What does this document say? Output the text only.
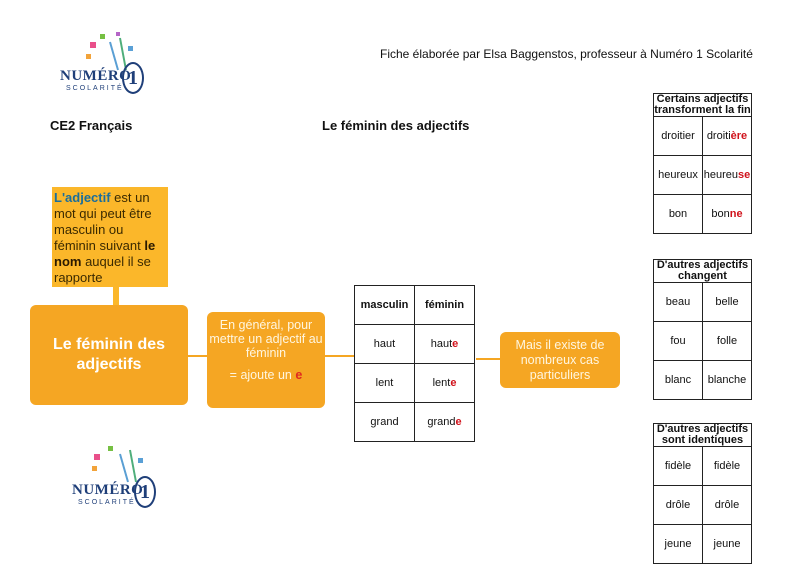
NUMÉRO
1
SCOLARITÉ
NUMÉRO
1
SCOLARITÉ
Fiche élaborée par Elsa Baggenstos, professeur à Numéro 1 Scolarité
CE2 Français	Le féminin des adjectifs
L'adjectif est un mot qui peut être masculin ou féminin suivant le nom auquel il se rapporte
Le féminin des adjectifs
En général, pour mettre un adjectif au féminin
= ajoute un e
masculin	féminin
haut	haute
lent	lente
grand	grande
Mais il existe de nombreux cas particuliers
Certains adjectifs transforment la fin	
droitier	droitière
heureux	heureuse
bon	bonne
D'autres adjectifs changent	
beau	belle
fou	folle
blanc	blanche
D'autres adjectifs sont identiques	
fidèle	fidèle
drôle	drôle
jeune	jeune
